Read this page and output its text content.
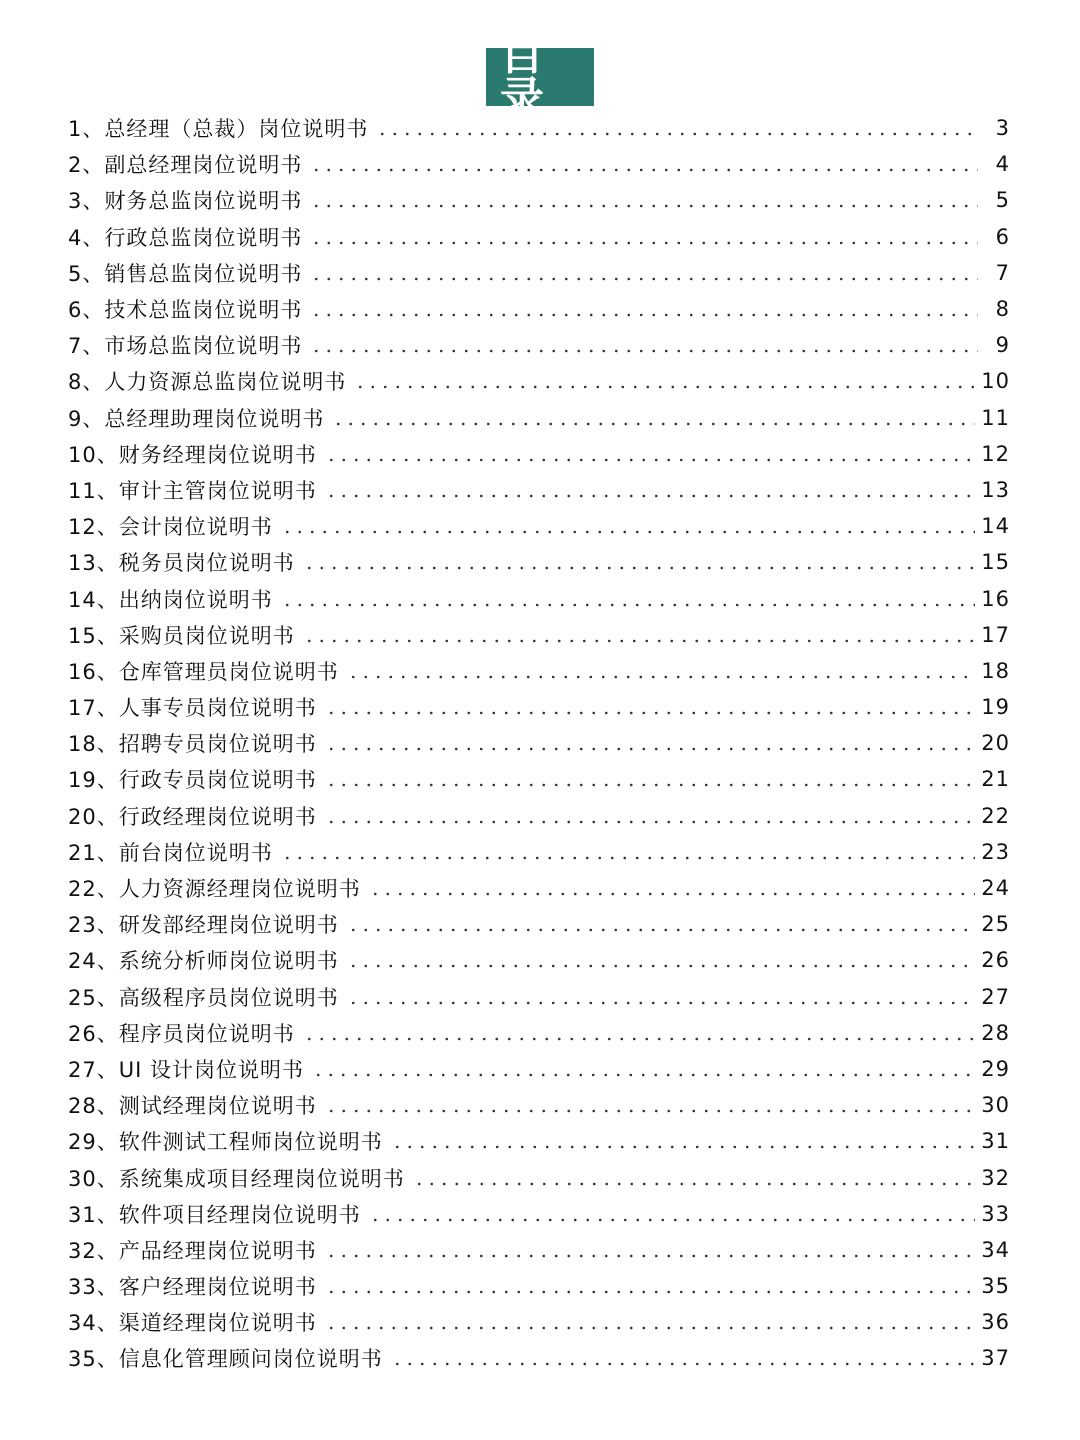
目 录
1、 总经理（总裁）岗位说明书	3
2、 副总经理岗位说明书	4
3、 财务总监岗位说明书	5
4、 行政总监岗位说明书	6
5、 销售总监岗位说明书	7
6、 技术总监岗位说明书	8
7、 市场总监岗位说明书	9
8、 人力资源总监岗位说明书	10
9、 总经理助理岗位说明书	11
10、 财务经理岗位说明书	12
11、 审计主管岗位说明书	13
12、 会计岗位说明书	14
13、 税务员岗位说明书	15
14、 出纳岗位说明书	16
15、 采购员岗位说明书	17
16、 仓库管理员岗位说明书	18
17、 人事专员岗位说明书	19
18、 招聘专员岗位说明书	20
19、 行政专员岗位说明书	21
20、 行政经理岗位说明书	22
21、 前台岗位说明书	23
22、 人力资源经理岗位说明书	24
23、 研发部经理岗位说明书	25
24、 系统分析师岗位说明书	26
25、 高级程序员岗位说明书	27
26、 程序员岗位说明书	28
27、 UI 设计岗位说明书	29
28、 测试经理岗位说明书	30
29、 软件测试工程师岗位说明书	31
30、 系统集成项目经理岗位说明书	32
31、 软件项目经理岗位说明书	33
32、 产品经理岗位说明书	34
33、 客户经理岗位说明书	35
34、 渠道经理岗位说明书	36
35、 信息化管理顾问岗位说明书	37
